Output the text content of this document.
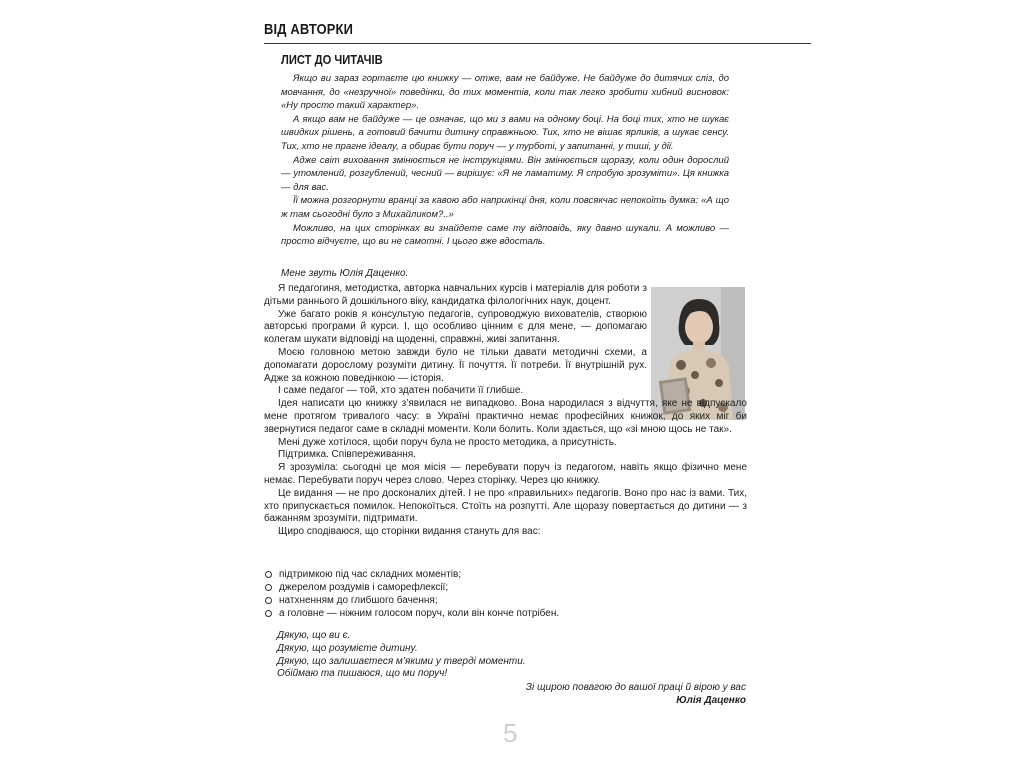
ВІД АВТОРКИ
ЛИСТ ДО ЧИТАЧІВ

Якщо ви зараз гортаєте цю книжку — отже, вам не байдуже. Не байдуже до дитячих сліз, до мовчання, до «незручної» поведінки, до тих моментів, коли так легко зробити хибний висновок: «Ну просто такий характер».

А якщо вам не байдуже — це означає, що ми з вами на одному боці. На боці тих, хто не шукає швидких рішень, а готовий бачити дитину справжньою. Тих, хто не вішає ярликів, а шукає сенсу. Тих, хто не прагне ідеалу, а обирає бути поруч — у турботі, у запитанні, у тиші, у дії.

Адже світ виховання змінюється не інструкціями. Він змінюється щоразу, коли один дорослий — утомлений, розгублений, чесний — вирішує: «Я не ламатиму. Я спробую зрозуміти». Ця книжка — для вас.

Її можна розгорнути вранці за кавою або наприкінці дня, коли повсякчас непокоїть думка: «А що ж там сьогодні було з Михайликом?..»

Можливо, на цих сторінках ви знайдете саме ту відповідь, яку давно шукали. А можливо — просто відчуєте, що ви не самотні. І цього вже вдосталь.

Мене звуть Юлія Даценко.

Я педагогиня, методистка, авторка навчальних курсів і матеріалів для роботи з дітьми раннього й дошкільного віку, кандидатка філологічних наук, доцент.

Уже багато років я консультую педагогів, супроводжую вихователів, створюю авторські програми й курси. І, що особливо цінним є для мене, — допомагаю колегам шукати відповіді на щоденні, справжні, живі запитання.

Моєю головною метою завжди було не тільки давати методичні схеми, а допомагати дорослому розуміти дитину. Її почуття. Її потреби. Її внутрішній рух. Адже за кожною поведінкою — історія.

І саме педагог — той, хто здатен побачити її глибше.

Ідея написати цю книжку з’явилася не випадково. Вона народилася з відчуття, яке не відпускало мене протягом тривалого часу: в Україні практично немає професійних книжок, до яких міг би звернутися педагог саме в складні моменти. Коли болить. Коли здається, що «зі мною щось не так».

Мені дуже хотілося, щоби поруч була не просто методика, а присутність.

Підтримка. Співпереживання.

Я зрозуміла: сьогодні це моя місія — перебувати поруч із педагогом, навіть якщо фізично мене немає. Перебувати поруч через слово. Через сторінку. Через цю книжку.

Це видання — не про досконалих дітей. І не про «правильних» педагогів. Воно про нас із вами. Тих, хто припускається помилок. Непокоїться. Стоїть на розпутті. Але щоразу повертається до дитини — з бажанням зрозуміти, підтримати.

Щиро сподіваюся, що сторінки видання стануть для вас:

підтримкою під час складних моментів;
джерелом роздумів і саморефлексії;
натхненням до глибшого бачення;
а головне — ніжним голосом поруч, коли він конче потрібен.
Дякую, що ви є.
Дякую, що розумієте дитину.
Дякую, що залишаєтеся м’якими у тверді моменти.
Обіймаю та пишаюся, що ми поруч!
Зі щирою повагою до вашої праці й вірою у вас
Юлія Даценко
5
